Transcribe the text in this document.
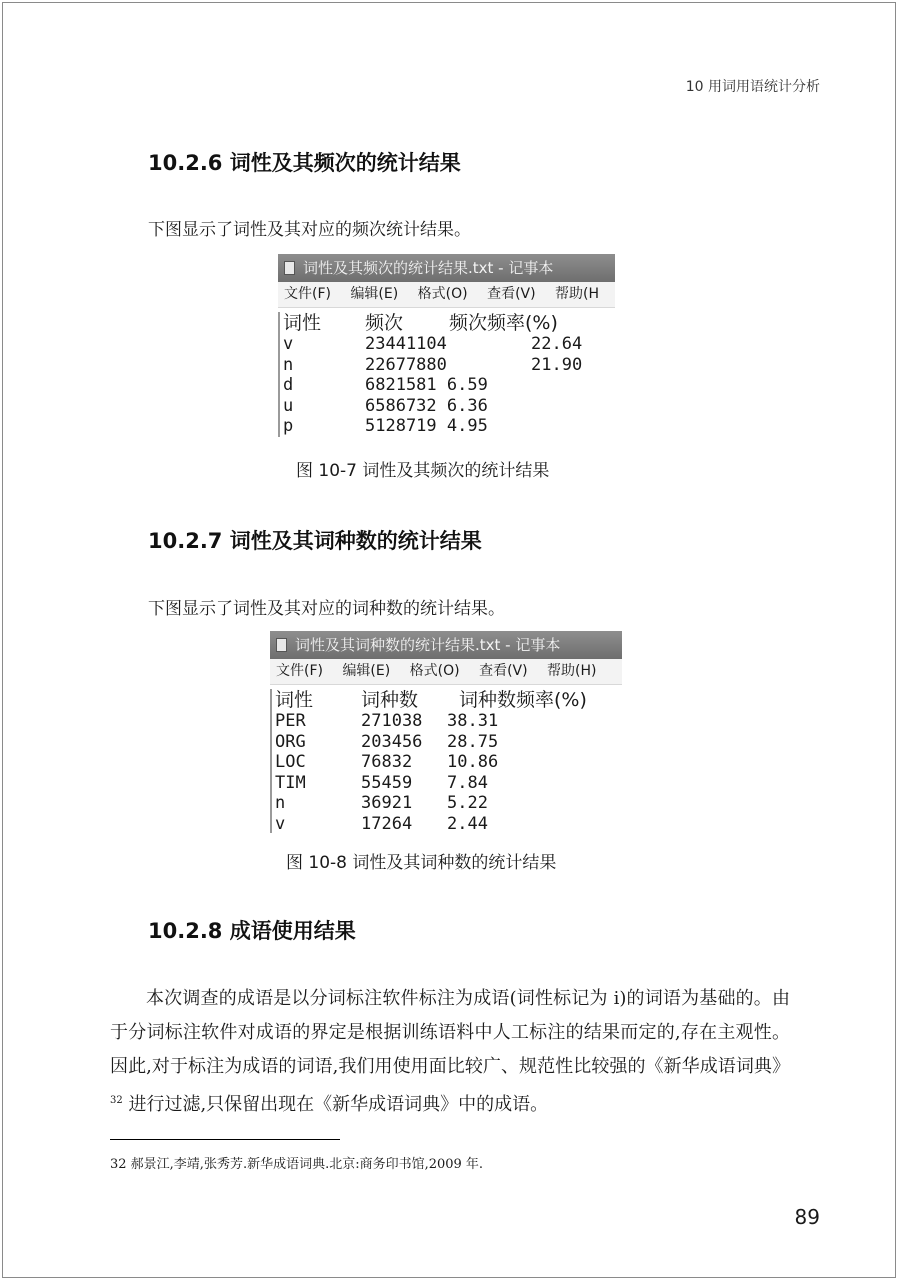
10 用词用语统计分析
10.2.6 词性及其频次的统计结果
下图显示了词性及其对应的频次统计结果。
词性及其频次的统计结果.txt - 记事本
文件(F) 编辑(E) 格式(O) 查看(V) 帮助(H
词性	频次	频次频率(%)
v	23441104	22.64
n	22677880	21.90
d	6821581 6.59
u	6586732 6.36
p	5128719 4.95
图 10-7 词性及其频次的统计结果
10.2.7 词性及其词种数的统计结果
下图显示了词性及其对应的词种数的统计结果。
词性及其词种数的统计结果.txt - 记事本
文件(F) 编辑(E) 格式(O) 查看(V) 帮助(H)
词性	词种数	词种数频率(%)
PER	271038	38.31
ORG	203456	28.75
LOC	76832	10.86
TIM	55459	7.84
n	36921	5.22
v	17264	2.44
图 10-8 词性及其词种数的统计结果
10.2.8 成语使用结果

本次调查的成语是以分词标注软件标注为成语(词性标记为 i)的词语为基础的。由于分词标注软件对成语的界定是根据训练语料中人工标注的结果而定的,存在主观性。因此,对于标注为成语的词语,我们用使用面比较广、规范性比较强的《新华成语词典》$^{32}$ 进行过滤,只保留出现在《新华成语词典》中的成语。

32 郝景江,李靖,张秀芳.新华成语词典.北京:商务印书馆,2009 年.
89
